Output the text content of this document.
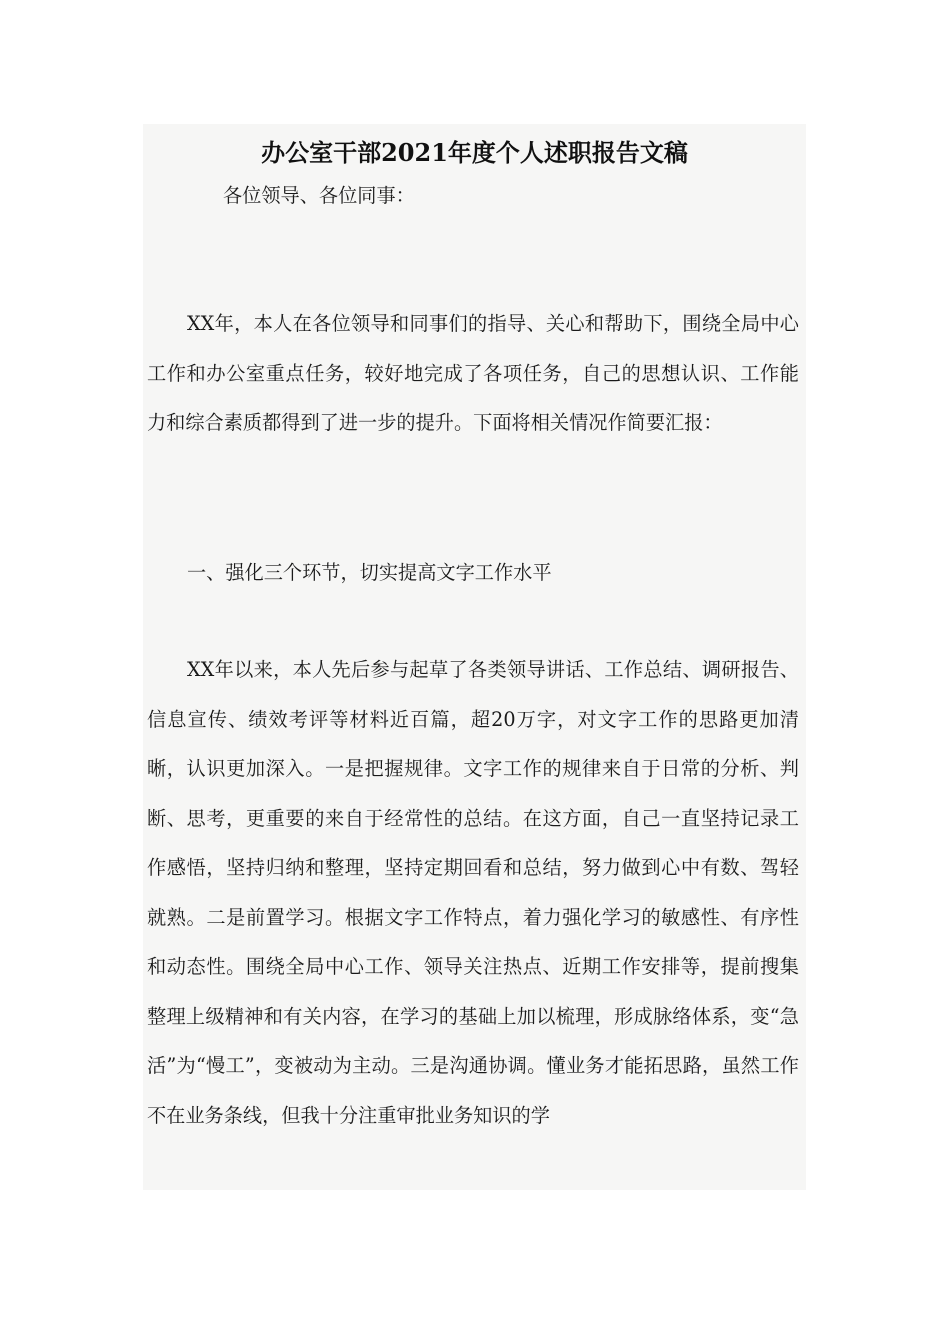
办公室干部2021年度个人述职报告文稿

各位领导、各位同事：

XX年，本人在各位领导和同事们的指导、关心和帮助下，围绕全局中心工作和办公室重点任务，较好地完成了各项任务，自己的思想认识、工作能力和综合素质都得到了进一步的提升。下面将相关情况作简要汇报：

一、强化三个环节，切实提高文字工作水平

XX年以来，本人先后参与起草了各类领导讲话、工作总结、调研报告、信息宣传、绩效考评等材料近百篇，超20万字，对文字工作的思路更加清晰，认识更加深入。一是把握规律。文字工作的规律来自于日常的分析、判断、思考，更重要的来自于经常性的总结。在这方面，自己一直坚持记录工作感悟，坚持归纳和整理，坚持定期回看和总结，努力做到心中有数、驾轻就熟。二是前置学习。根据文字工作特点，着力强化学习的敏感性、有序性和动态性。围绕全局中心工作、领导关注热点、近期工作安排等，提前搜集整理上级精神和有关内容，在学习的基础上加以梳理，形成脉络体系，变“急活”为“慢工”，变被动为主动。三是沟通协调。懂业务才能拓思路，虽然工作不在业务条线，但我十分注重审批业务知识的学
